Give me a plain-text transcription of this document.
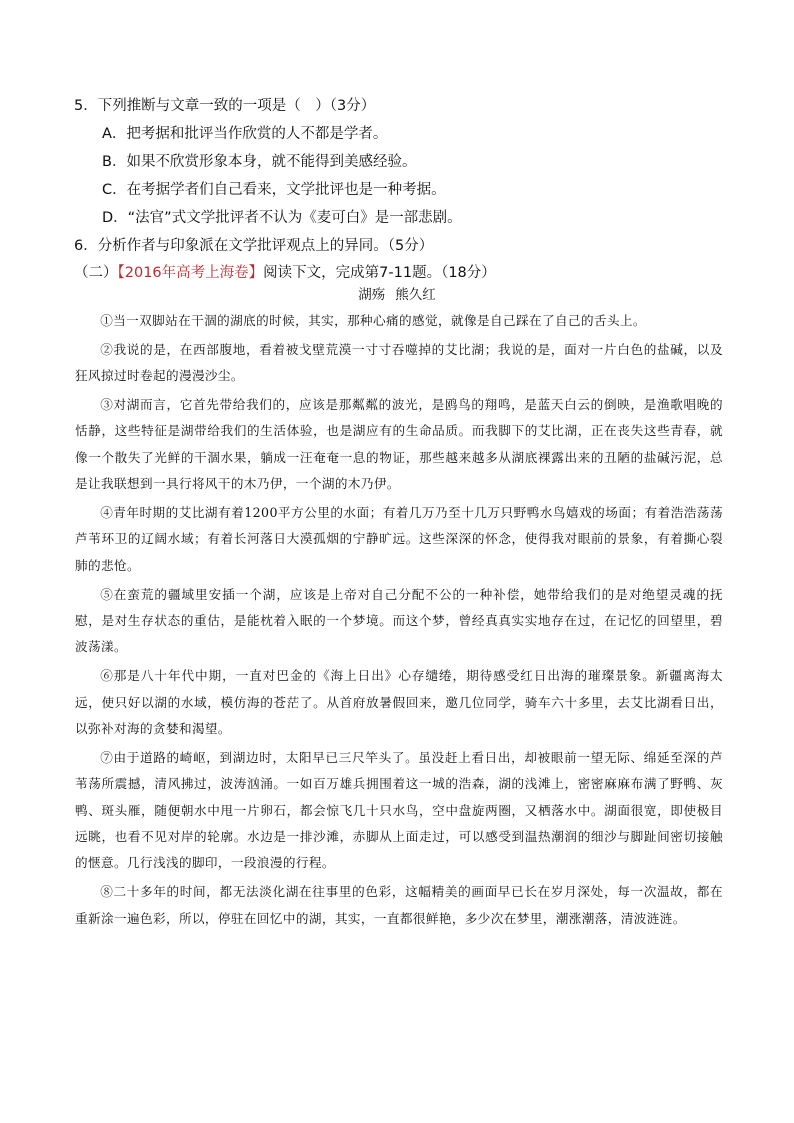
5．下列推断与文章一致的一项是（　）（3分）
A．把考据和批评当作欣赏的人不都是学者。
B．如果不欣赏形象本身，就不能得到美感经验。
C．在考据学者们自己看来，文学批评也是一种考据。
D．“法官”式文学批评者不认为《麦可白》是一部悲剧。
6．分析作者与印象派在文学批评观点上的异同。（5分）
（二）【2016年高考上海卷】阅读下文，完成第7-11题。（18分）
湖殇 熊久红

①当一双脚站在干涸的湖底的时候，其实，那种心痛的感觉，就像是自己踩在了自己的舌头上。

②我说的是，在西部腹地，看着被戈壁荒漠一寸寸吞噬掉的艾比湖；我说的是，面对一片白色的盐碱，以及狂风掠过时卷起的漫漫沙尘。

③对湖而言，它首先带给我们的，应该是那粼粼的波光，是鸥鸟的翔鸣，是蓝天白云的倒映，是渔歌唱晚的恬静，这些特征是湖带给我们的生活体验，也是湖应有的生命品质。而我脚下的艾比湖，正在丧失这些青春，就像一个散失了光鲜的干涸水果，躺成一汪奄奄一息的物证，那些越来越多从湖底裸露出来的丑陋的盐碱污泥，总是让我联想到一具行将风干的木乃伊，一个湖的木乃伊。

④青年时期的艾比湖有着1200平方公里的水面；有着几万乃至十几万只野鸭水鸟嬉戏的场面；有着浩浩荡荡芦苇环卫的辽阔水域；有着长河落日大漠孤烟的宁静旷远。这些深深的怀念，使得我对眼前的景象，有着撕心裂肺的悲怆。

⑤在蛮荒的疆域里安插一个湖，应该是上帝对自己分配不公的一种补偿，她带给我们的是对绝望灵魂的抚慰，是对生存状态的重估，是能枕着入眠的一个梦境。而这个梦，曾经真真实实地存在过，在记忆的回望里，碧波荡漾。

⑥那是八十年代中期，一直对巴金的《海上日出》心存缱绻，期待感受红日出海的璀璨景象。新疆离海太远，使只好以湖的水域，模仿海的苍茫了。从首府放暑假回来，邀几位同学，骑车六十多里，去艾比湖看日出，以弥补对海的贪婪和渴望。

⑦由于道路的崎岖，到湖边时，太阳早已三尺竿头了。虽没赶上看日出，却被眼前一望无际、绵延至深的芦苇荡所震撼，清风拂过，波涛汹涌。一如百万雄兵拥围着这一城的浩森，湖的浅滩上，密密麻麻布满了野鸭、灰鸭、斑头雁，随便朝水中甩一片卵石，都会惊飞几十只水鸟，空中盘旋两圈，又栖落水中。湖面很宽，即使极目远眺，也看不见对岸的轮廓。水边是一排沙滩，赤脚从上面走过，可以感受到温热潮润的细沙与脚趾间密切接触的惬意。几行浅浅的脚印，一段浪漫的行程。

⑧二十多年的时间，都无法淡化湖在往事里的色彩，这幅精美的画面早已长在岁月深处，每一次温故，都在重新涂一遍色彩，所以，停驻在回忆中的湖，其实，一直都很鲜艳，多少次在梦里，潮涨潮落，清波涟涟。
